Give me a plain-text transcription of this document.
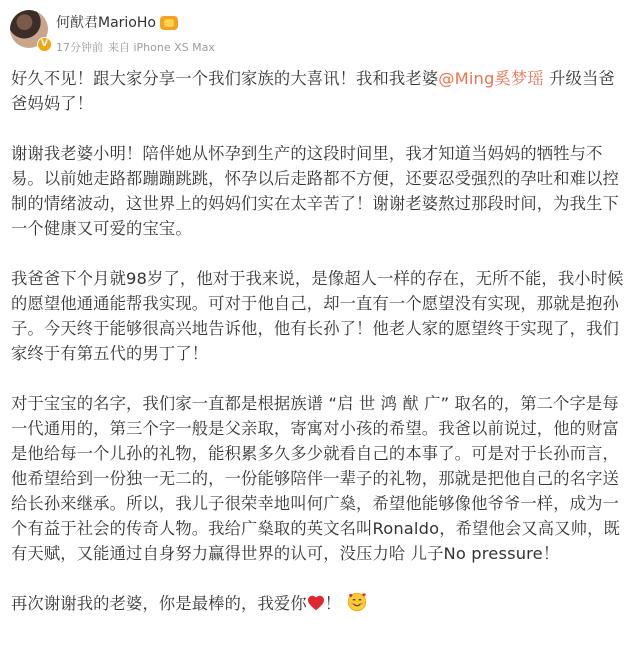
V
何猷君MarioHo
17分钟前 来自 iPhone XS Max

好久不见！跟大家分享一个我们家族的大喜讯！我和我老婆@Ming奚梦瑶 升级当爸爸妈妈了！

谢谢我老婆小明！陪伴她从怀孕到生产的这段时间里，我才知道当妈妈的牺牲与不易。以前她走路都蹦蹦跳跳，怀孕以后走路都不方便，还要忍受强烈的孕吐和难以控制的情绪波动，这世界上的妈妈们实在太辛苦了！谢谢老婆熬过那段时间，为我生下一个健康又可爱的宝宝。

我爸爸下个月就98岁了，他对于我来说，是像超人一样的存在，无所不能，我小时候的愿望他通通能帮我实现。可对于他自己，却一直有一个愿望没有实现，那就是抱孙子。今天终于能够很高兴地告诉他，他有长孙了！他老人家的愿望终于实现了，我们家终于有第五代的男丁了！

对于宝宝的名字，我们家一直都是根据族谱 “启 世 鸿 猷 广” 取名的，第二个字是每一代通用的，第三个字一般是父亲取，寄寓对小孩的希望。我爸以前说过，他的财富是他给每一个儿孙的礼物，能积累多久多少就看自己的本事了。可是对于长孙而言，他希望给到一份独一无二的，一份能够陪伴一辈子的礼物，那就是把他自己的名字送给长孙来继承。所以，我儿子很荣幸地叫何广燊，希望他能够像他爷爷一样，成为一个有益于社会的传奇人物。我给广燊取的英文名叫Ronaldo，希望他会又高又帅，既有天赋，又能通过自身努力赢得世界的认可，没压力哈 儿子No pressure！

再次谢谢我的老婆，你是最棒的，我爱你 ！
